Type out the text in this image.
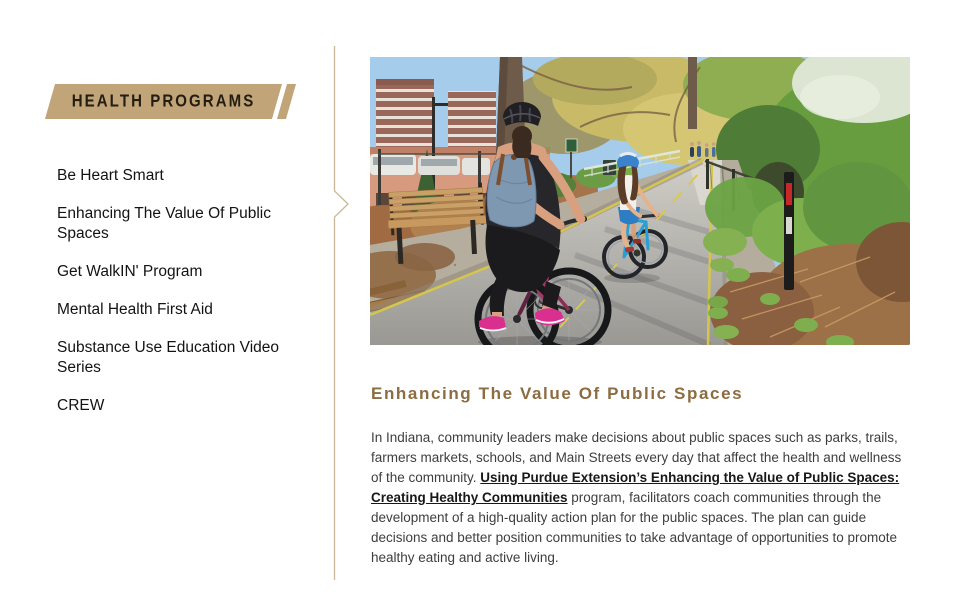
HEALTH PROGRAMS
Be Heart Smart
Enhancing The Value Of Public Spaces
Get WalkIN' Program
Mental Health First Aid
Substance Use Education Video Series
CREW
Enhancing The Value Of Public Spaces

In Indiana, community leaders make decisions about public spaces such as parks, trails, farmers markets, schools, and Main Streets every day that affect the health and wellness of the community. Using Purdue Extension’s Enhancing the Value of Public Spaces: Creating Healthy Communities program, facilitators coach communities through the development of a high-quality action plan for the public spaces. The plan can guide decisions and better position communities to take advantage of opportunities to promote healthy eating and active living.
